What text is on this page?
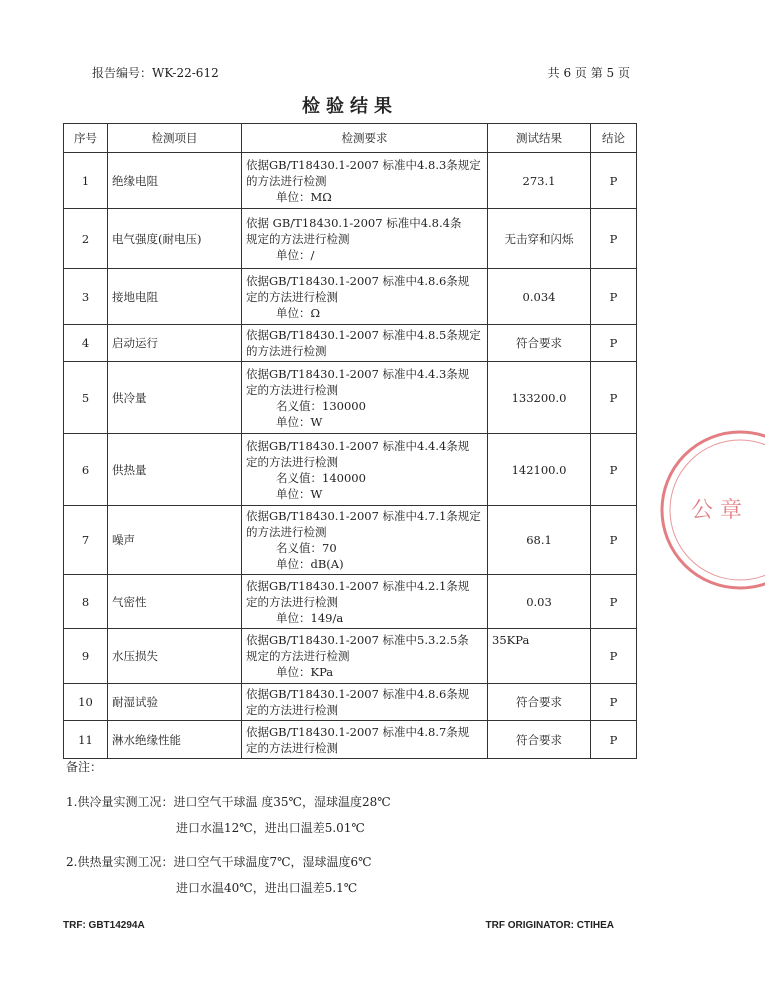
报告编号：WK-22-612	共 6 页 第 5 页
检验结果
序号	检测项目	检测要求	测试结果	结论
1	绝缘电阻	依据GB/T18430.1-2007 标准中4.8.3条规定
的方法进行检测
单位：MΩ	273.1	P
2	电气强度(耐电压)	依据 GB/T18430.1-2007 标准中4.8.4条
规定的方法进行检测
单位：/	无击穿和闪烁	P
3	接地电阻	依据GB/T18430.1-2007 标准中4.8.6条规
定的方法进行检测
单位：Ω	0.034	P
4	启动运行	依据GB/T18430.1-2007 标准中4.8.5条规定
的方法进行检测	符合要求	P
5	供冷量	依据GB/T18430.1-2007 标准中4.4.3条规
定的方法进行检测
名义值：130000
单位：W	133200.0	P
6	供热量	依据GB/T18430.1-2007 标准中4.4.4条规
定的方法进行检测
名义值：140000
单位：W	142100.0	P
7	噪声	依据GB/T18430.1-2007 标准中4.7.1条规定
的方法进行检测
名义值：70
单位：dB(A)	68.1	P
8	气密性	依据GB/T18430.1-2007 标准中4.2.1条规
定的方法进行检测
单位：149/a	0.03	P
9	水压损失	依据GB/T18430.1-2007 标准中5.3.2.5条
规定的方法进行检测
单位：KPa	35KPa	P
10	耐湿试验	依据GB/T18430.1-2007 标准中4.8.6条规
定的方法进行检测	符合要求	P
11	淋水绝缘性能	依据GB/T18430.1-2007 标准中4.8.7条规
定的方法进行检测	符合要求	P
备注：
1.供冷量实测工况：进口空气干球温 度35℃，湿球温度28℃
进口水温12℃，进出口温差5.01℃
2.供热量实测工况：进口空气干球温度7℃，湿球温度6℃
进口水温40℃，进出口温差5.1℃
TRF: GBT14294A	TRF ORIGINATOR: CTIHEA
公 章
